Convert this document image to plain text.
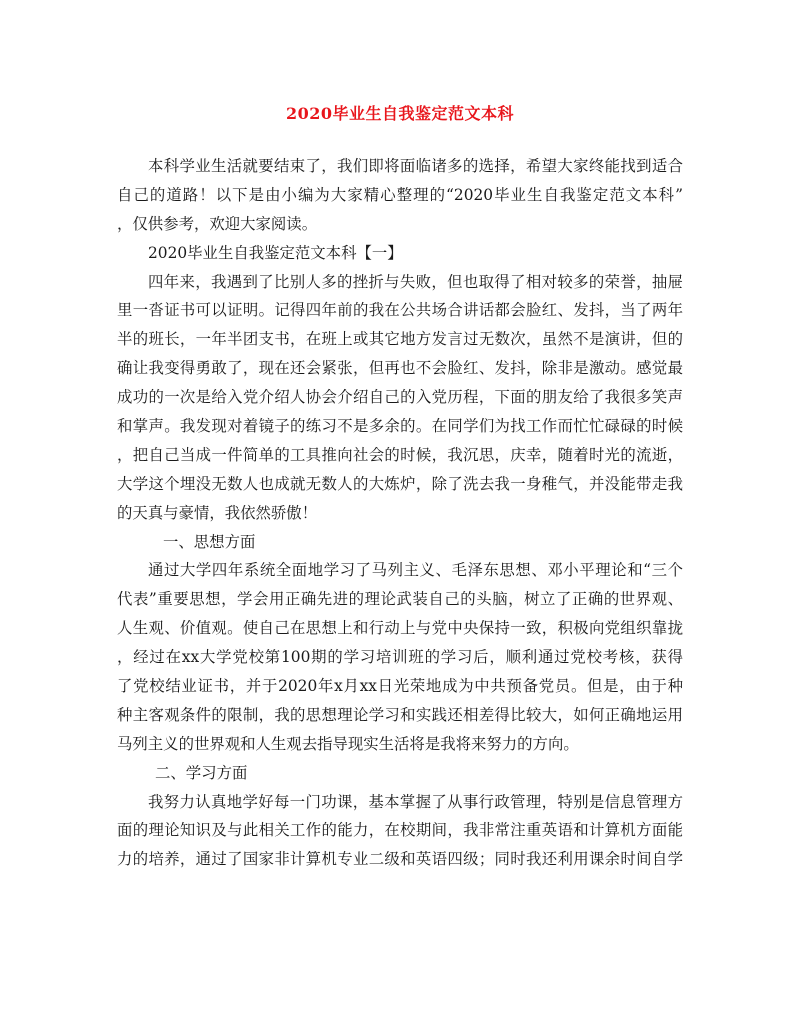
2020毕业生自我鉴定范文本科
本科学业生活就要结束了，我们即将面临诸多的选择，希望大家终能找到适合
自己的道路！以下是由小编为大家精心整理的“2020毕业生自我鉴定范文本科”
，仅供参考，欢迎大家阅读。
2020毕业生自我鉴定范文本科【一】
四年来，我遇到了比别人多的挫折与失败，但也取得了相对较多的荣誉，抽屉
里一沓证书可以证明。记得四年前的我在公共场合讲话都会脸红、发抖，当了两年
半的班长，一年半团支书，在班上或其它地方发言过无数次，虽然不是演讲，但的
确让我变得勇敢了，现在还会紧张，但再也不会脸红、发抖，除非是激动。感觉最
成功的一次是给入党介绍人协会介绍自己的入党历程，下面的朋友给了我很多笑声
和掌声。我发现对着镜子的练习不是多余的。在同学们为找工作而忙忙碌碌的时候
，把自己当成一件简单的工具推向社会的时候，我沉思，庆幸，随着时光的流逝，
大学这个埋没无数人也成就无数人的大炼炉，除了洗去我一身稚气，并没能带走我
的天真与豪情，我依然骄傲！
一、思想方面
通过大学四年系统全面地学习了马列主义、毛泽东思想、邓小平理论和“三个
代表”重要思想，学会用正确先进的理论武装自己的头脑，树立了正确的世界观、
人生观、价值观。使自己在思想上和行动上与党中央保持一致，积极向党组织靠拢
，经过在xx大学党校第100期的学习培训班的学习后，顺利通过党校考核，获得
了党校结业证书，并于2020年x月xx日光荣地成为中共预备党员。但是，由于种
种主客观条件的限制，我的思想理论学习和实践还相差得比较大，如何正确地运用
马列主义的世界观和人生观去指导现实生活将是我将来努力的方向。
二、学习方面
我努力认真地学好每一门功课，基本掌握了从事行政管理，特别是信息管理方
面的理论知识及与此相关工作的能力，在校期间，我非常注重英语和计算机方面能
力的培养，通过了国家非计算机专业二级和英语四级；同时我还利用课余时间自学
